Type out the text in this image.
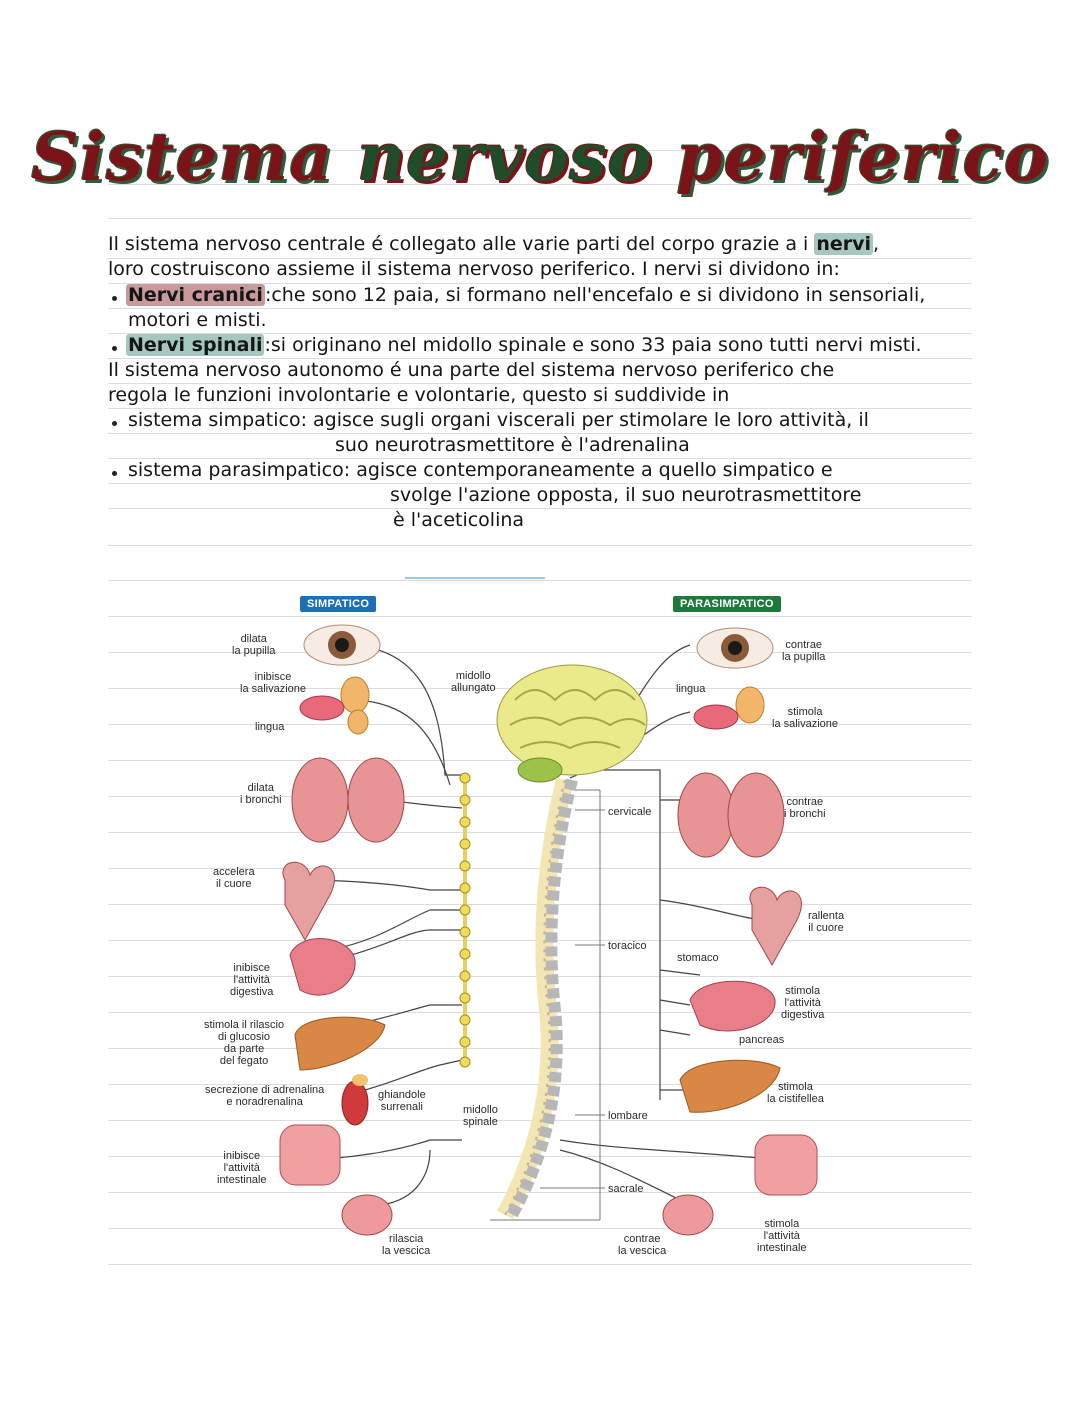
Sistema nervoso periferico
Il sistema nervoso centrale é collegato alle varie parti del corpo grazie a i nervi ,
loro costruiscono assieme il sistema nervoso periferico. I nervi si dividono in:
Nervi cranici :che sono 12 paia, si formano nell'encefalo e si dividono in sensoriali,
motori e misti.
Nervi spinali :si originano nel midollo spinale e sono 33 paia sono tutti nervi misti.
Il sistema nervoso autonomo é una parte del sistema nervoso periferico che
regola le funzioni involontarie e volontarie, questo si suddivide in
sistema simpatico: agisce sugli organi viscerali per stimolare le loro attività, il
suo neurotrasmettitore è l'adrenalina
sistema parasimpatico: agisce contemporaneamente a quello simpatico e
svolge l'azione opposta, il suo neurotrasmettitore
è l'aceticolina
SIMPATICO	PARASIMPATICO
dilata
la pupilla
inibisce
la salivazione
lingua
dilata
i bronchi
accelera
il cuore
inibisce
l'attività
digestiva
stimola il rilascio
di glucosio
da parte
del fegato
secrezione di adrenalina
e noradrenalina
inibisce
l'attività
intestinale
ghiandole
surrenali
rilascia
la vescica
midollo
allungato
midollo
spinale
cervicale
toracico
lombare
sacrale
contrae
la pupilla
lingua
stimola
la salivazione
contrae
i bronchi
rallenta
il cuore
stomaco
stimola
l'attività
digestiva
pancreas
stimola
la cistifellea
contrae
la vescica
stimola
l'attività
intestinale
